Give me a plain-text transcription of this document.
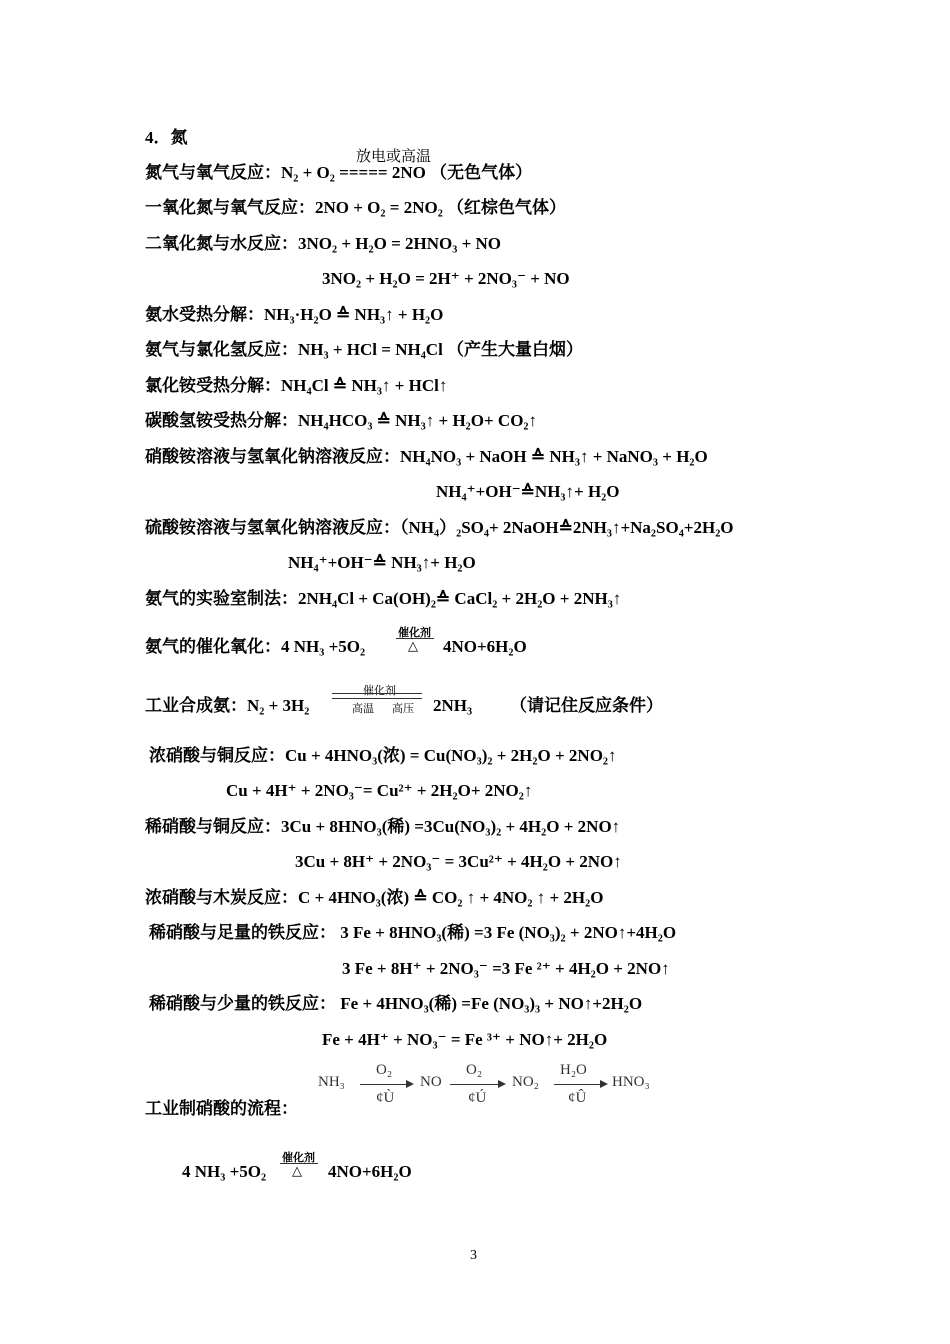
4．氮
放电或高温
氮气与氧气反应：N₂ + O₂ ===== 2NO （无色气体）
一氧化氮与氧气反应：2NO + O₂ = 2NO₂ （红棕色气体）
二氧化氮与水反应：3NO₂ + H₂O = 2HNO₃ + NO
3NO₂ + H₂O = 2H⁺ + 2NO₃⁻ + NO
氨水受热分解：NH₃·H₂O ≙ NH₃↑ + H₂O
氨气与氯化氢反应：NH₃ + HCl = NH₄Cl （产生大量白烟）
氯化铵受热分解：NH₄Cl ≙ NH₃↑ + HCl↑
碳酸氢铵受热分解：NH₄HCO₃ ≙ NH₃↑ + H₂O+ CO₂↑
硝酸铵溶液与氢氧化钠溶液反应：NH₄NO₃ + NaOH ≙ NH₃↑ + NaNO₃ + H₂O
NH₄⁺+OH⁻≙NH₃↑+ H₂O
硫酸铵溶液与氢氧化钠溶液反应：（NH₄）₂SO₄+ 2NaOH≙2NH₃↑+Na₂SO₄+2H₂O
NH₄⁺+OH⁻≙ NH₃↑+ H₂O
氨气的实验室制法：2NH₄Cl + Ca(OH)₂≙ CaCl₂ + 2H₂O + 2NH₃↑
氨气的催化氧化：4 NH₃ +5O₂
催化剂
△ 4NO+6H₂O
工业合成氨：N₂ + 3H₂
催化剂
高温 高压 2NH₃ （请记住反应条件）
浓硝酸与铜反应：Cu + 4HNO₃(浓) = Cu(NO₃)₂ + 2H₂O + 2NO₂↑
Cu + 4H⁺ + 2NO₃⁻= Cu²⁺ + 2H₂O+ 2NO₂↑
稀硝酸与铜反应：3Cu + 8HNO₃(稀) =3Cu(NO₃)₂ + 4H₂O + 2NO↑
3Cu + 8H⁺ + 2NO₃⁻ = 3Cu²⁺ + 4H₂O + 2NO↑
浓硝酸与木炭反应：C + 4HNO₃(浓) ≙ CO₂ ↑ + 4NO₂ ↑ + 2H₂O
稀硝酸与足量的铁反应： 3 Fe + 8HNO₃(稀) =3 Fe (NO₃)₂ + 2NO↑+4H₂O
3 Fe + 8H⁺ + 2NO₃⁻ =3 Fe ²⁺ + 4H₂O + 2NO↑
稀硝酸与少量的铁反应： Fe + 4HNO₃(稀) =Fe (NO₃)₃ + NO↑+2H₂O
Fe + 4H⁺ + NO₃⁻ = Fe ³⁺ + NO↑+ 2H₂O
工业制硝酸的流程：
NH₃
O₂
¢Ù
NO
O₂
¢Ú
NO₂
H₂O
¢Û
HNO₃
4 NH₃ +5O₂
催化剂
△ 4NO+6H₂O
3
